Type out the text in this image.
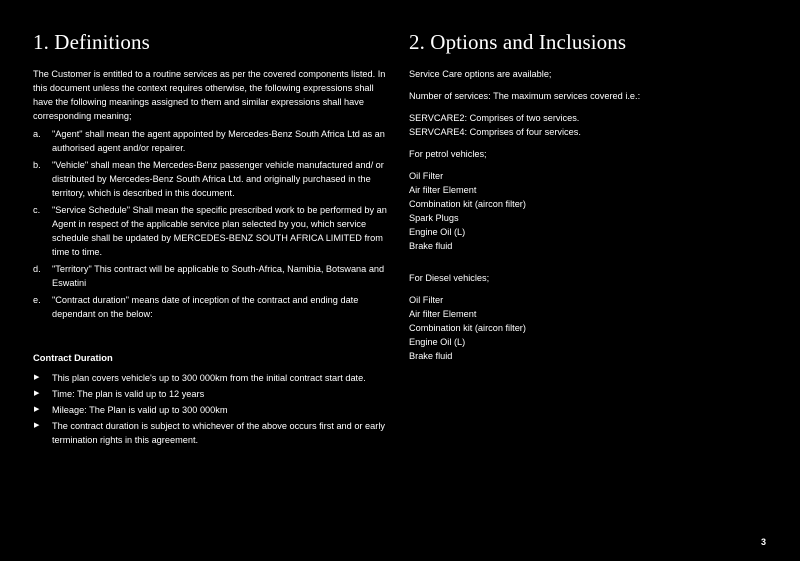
1. Definitions

The Customer is entitled to a routine services as per the covered components listed. In this document unless the context requires otherwise, the following expressions shall have the following meanings assigned to them and similar expressions shall have corresponding meaning;

a. "Agent" shall mean the agent appointed by Mercedes-Benz South Africa Ltd as an authorised agent and/or repairer.
b. "Vehicle" shall mean the Mercedes-Benz passenger vehicle manufactured and/ or distributed by Mercedes-Benz South Africa Ltd. and originally purchased in the territory, which is described in this document.
c. "Service Schedule" Shall mean the specific prescribed work to be performed by an Agent in respect of the applicable service plan selected by you, which service schedule shall be updated by MERCEDES-BENZ SOUTH AFRICA LIMITED from time to time.
d. "Territory" This contract will be applicable to South-Africa, Namibia, Botswana and Eswatini
e. "Contract duration" means date of inception of the contract and ending date dependant on the below:
Contract Duration
▶ This plan covers vehicle's up to 300 000km from the initial contract start date.
▶ Time: The plan is valid up to 12 years
▶ Mileage: The Plan is valid up to 300 000km
▶ The contract duration is subject to whichever of the above occurs first and or early termination rights in this agreement.
2. Options and Inclusions

Service Care options are available;

Number of services: The maximum services covered i.e.:

SERVCARE2: Comprises of two services.

SERVCARE4: Comprises of four services.

For petrol vehicles;

Oil Filter
Air filter Element
Combination kit (aircon filter)
Spark Plugs
Engine Oil (L)
Brake fluid

For Diesel vehicles;

Oil Filter
Air filter Element
Combination kit (aircon filter)
Engine Oil (L)
Brake fluid
3
